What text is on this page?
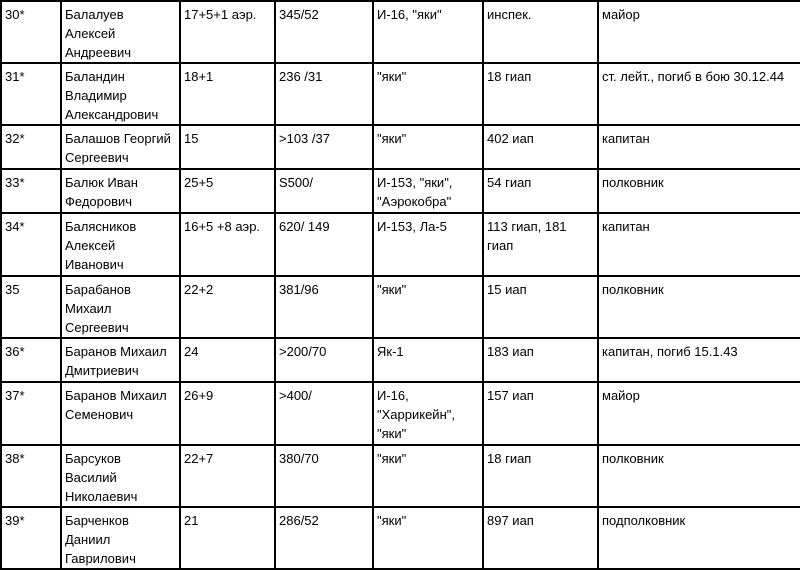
30*	Балалуев Алексей Андреевич	17+5+1 аэр.	345/52	И-16, "яки"	инспек.	майор
31*	Баландин Владимир Александрович	18+1	236 /31	"яки"	18 гиап	ст. лейт., погиб в бою 30.12.44
32*	Балашов Георгий Сергеевич	15	>103 /37	"яки"	402 иап	капитан
33*	Балюк Иван Федорович	25+5	S500/	И-153, "яки", "Аэрокобра"	54 гиап	полковник
34*	Балясников Алексей Иванович	16+5 +8 аэр.	620/ 149	И-153, Ла-5	113 гиап, 181 гиап	капитан
35	Барабанов Михаил Сергеевич	22+2	381/96	"яки"	15 иап	полковник
36*	Баранов Михаил Дмитриевич	24	>200/70	Як-1	183 иап	капитан, погиб 15.1.43
37*	Баранов Михаил Семенович	26+9	>400/	И-16, "Харрикейн", "яки"	157 иап	майор
38*	Барсуков Василий Николаевич	22+7	380/70	"яки"	18 гиап	полковник
39*	Барченков Даниил Гаврилович	21	286/52	"яки"	897 иап	подполковник
